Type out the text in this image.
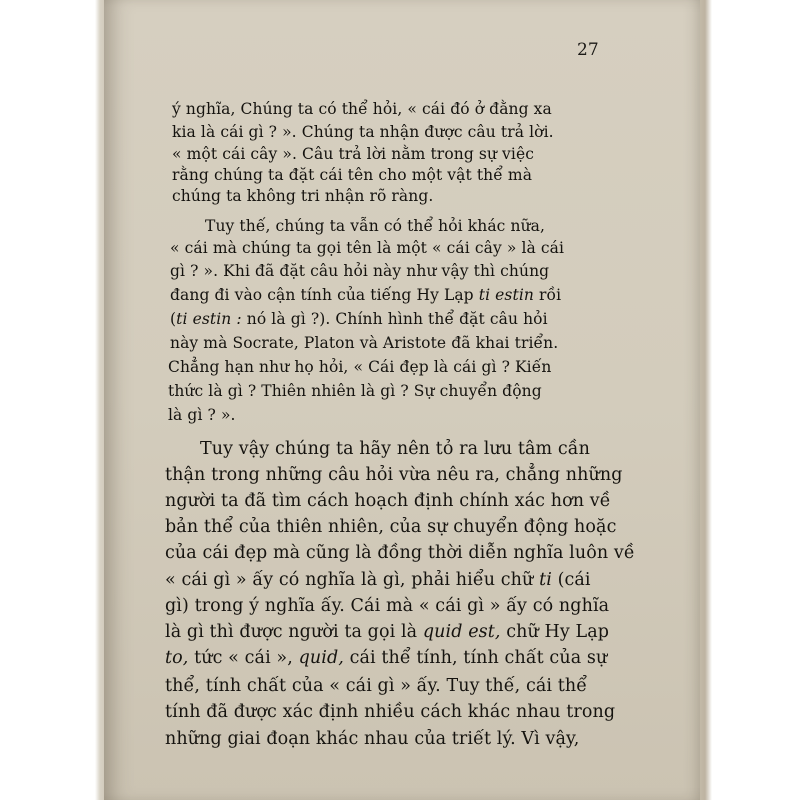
27
ý nghĩa, Chúng ta có thể hỏi, « cái đó ở đằng xa
kia là cái gì ? ». Chúng ta nhận được câu trả lời.
« một cái cây ». Câu trả lời nằm trong sự việc
rằng chúng ta đặt cái tên cho một vật thể mà
chúng ta không tri nhận rõ ràng.
Tuy thế, chúng ta vẫn có thể hỏi khác nữa,
« cái mà chúng ta gọi tên là một « cái cây » là cái
gì ? ». Khi đã đặt câu hỏi này như vậy thì chúng
đang đi vào cận tính của tiếng Hy Lạp ti estin rồi
(ti estin : nó là gì ?). Chính hình thể đặt câu hỏi
này mà Socrate, Platon và Aristote đã khai triển.
Chẳng hạn như họ hỏi, « Cái đẹp là cái gì ? Kiến
thức là gì ? Thiên nhiên là gì ? Sự chuyển động
là gì ? ».
Tuy vậy chúng ta hãy nên tỏ ra lưu tâm cần
thận trong những câu hỏi vừa nêu ra, chẳng những
người ta đã tìm cách hoạch định chính xác hơn về
bản thể của thiên nhiên, của sự chuyển động hoặc
của cái đẹp mà cũng là đồng thời diễn nghĩa luôn về
« cái gì » ấy có nghĩa là gì, phải hiểu chữ ti (cái
gì) trong ý nghĩa ấy. Cái mà « cái gì » ấy có nghĩa
là gì thì được người ta gọi là quid est, chữ Hy Lạp
to, tức « cái », quid, cái thể tính, tính chất của sự
thể, tính chất của « cái gì » ấy. Tuy thế, cái thể
tính đã được xác định nhiều cách khác nhau trong
những giai đoạn khác nhau của triết lý. Vì vậy,
